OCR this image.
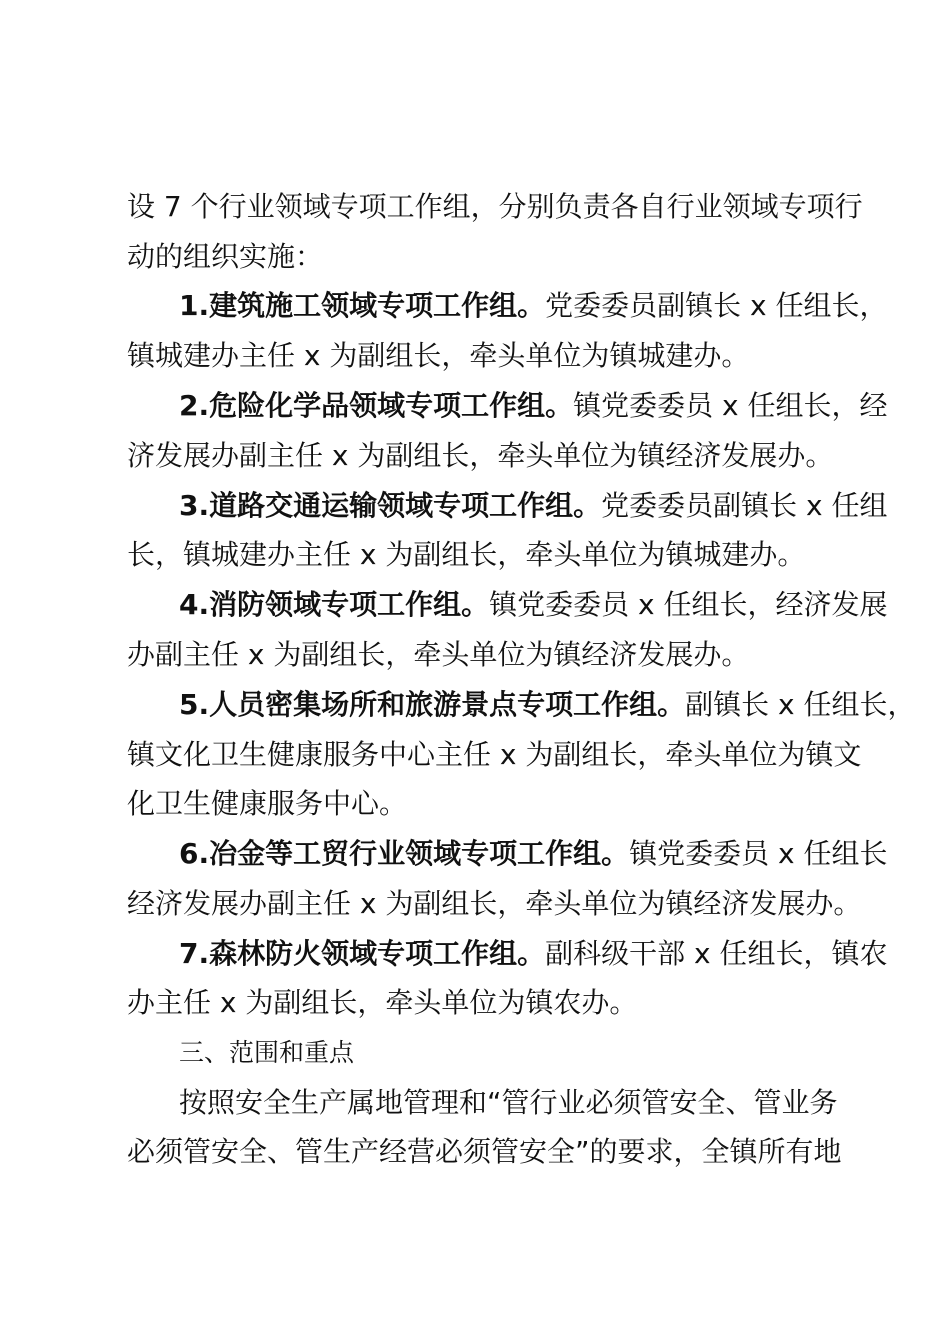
设 7 个行业领域专项工作组，分别负责各自行业领域专项行
动的组织实施：
1.建筑施工领域专项工作组。党委委员副镇长 x 任组长，
镇城建办主任 x 为副组长，牵头单位为镇城建办。
2.危险化学品领域专项工作组。镇党委委员 x 任组长，经
济发展办副主任 x 为副组长，牵头单位为镇经济发展办。
3.道路交通运输领域专项工作组。党委委员副镇长 x 任组
长，镇城建办主任 x 为副组长，牵头单位为镇城建办。
4.消防领域专项工作组。镇党委委员 x 任组长，经济发展
办副主任 x 为副组长，牵头单位为镇经济发展办。
5.人员密集场所和旅游景点专项工作组。副镇长 x 任组长，
镇文化卫生健康服务中心主任 x 为副组长，牵头单位为镇文
化卫生健康服务中心。
6.冶金等工贸行业领域专项工作组。镇党委委员 x 任组长
经济发展办副主任 x 为副组长，牵头单位为镇经济发展办。
7.森林防火领域专项工作组。副科级干部 x 任组长，镇农
办主任 x 为副组长，牵头单位为镇农办。
三、范围和重点
按照安全生产属地管理和“管行业必须管安全、管业务
必须管安全、管生产经营必须管安全”的要求，全镇所有地
